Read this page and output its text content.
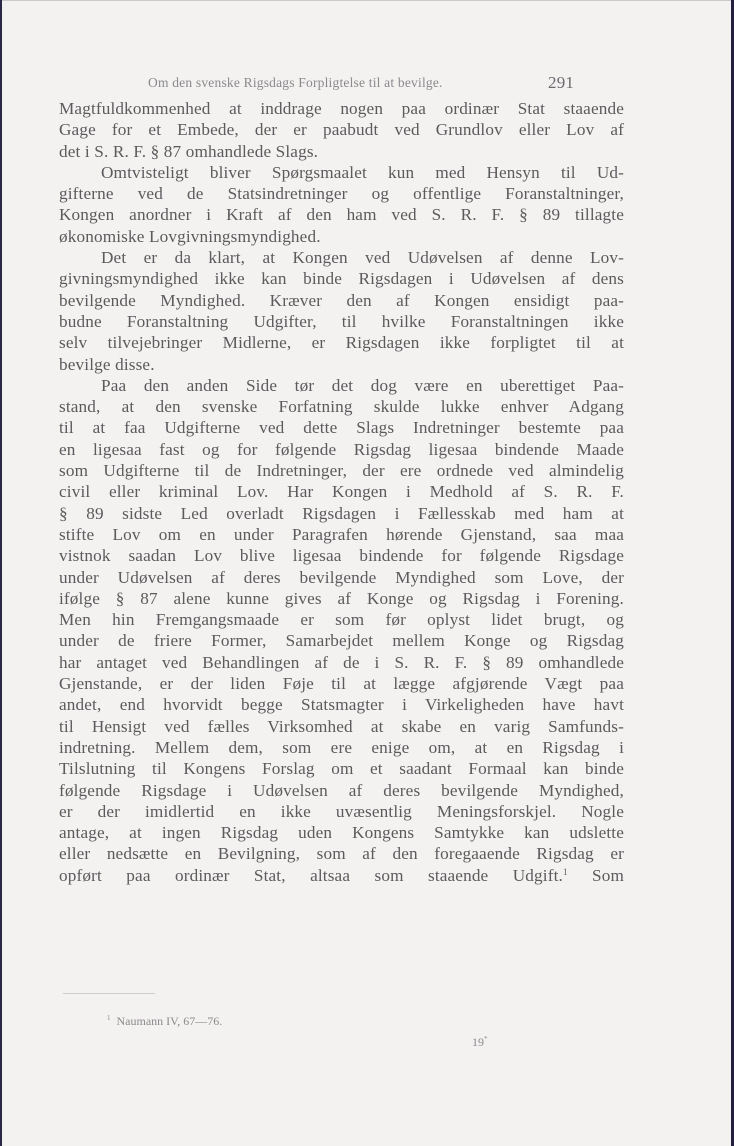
Om den svenske Rigsdags Forpligtelse til at bevilge.	291
Magtfuldkommenhed at inddrage nogen paa ordinær Stat staaende
Gage for et Embede, der er paabudt ved Grundlov eller Lov af
det i S. R. F. § 87 omhandlede Slags.
Omtvisteligt bliver Spørgsmaalet kun med Hensyn til Ud-
gifterne ved de Statsindretninger og offentlige Foranstaltninger,
Kongen anordner i Kraft af den ham ved S. R. F. § 89 tillagte
økonomiske Lovgivningsmyndighed.
Det er da klart, at Kongen ved Udøvelsen af denne Lov-
givningsmyndighed ikke kan binde Rigsdagen i Udøvelsen af dens
bevilgende Myndighed. Kræver den af Kongen ensidigt paa-
budne Foranstaltning Udgifter, til hvilke Foranstaltningen ikke
selv tilvejebringer Midlerne, er Rigsdagen ikke forpligtet til at
bevilge disse.
Paa den anden Side tør det dog være en uberettiget Paa-
stand, at den svenske Forfatning skulde lukke enhver Adgang
til at faa Udgifterne ved dette Slags Indretninger bestemte paa
en ligesaa fast og for følgende Rigsdag ligesaa bindende Maade
som Udgifterne til de Indretninger, der ere ordnede ved almindelig
civil eller kriminal Lov. Har Kongen i Medhold af S. R. F.
§ 89 sidste Led overladt Rigsdagen i Fællesskab med ham at
stifte Lov om en under Paragrafen hørende Gjenstand, saa maa
vistnok saadan Lov blive ligesaa bindende for følgende Rigsdage
under Udøvelsen af deres bevilgende Myndighed som Love, der
ifølge § 87 alene kunne gives af Konge og Rigsdag i Forening.
Men hin Fremgangsmaade er som før oplyst lidet brugt, og
under de friere Former, Samarbejdet mellem Konge og Rigsdag
har antaget ved Behandlingen af de i S. R. F. § 89 omhandlede
Gjenstande, er der liden Føje til at lægge afgjørende Vægt paa
andet, end hvorvidt begge Statsmagter i Virkeligheden have havt
til Hensigt ved fælles Virksomhed at skabe en varig Samfunds-
indretning. Mellem dem, som ere enige om, at en Rigsdag i
Tilslutning til Kongens Forslag om et saadant Formaal kan binde
følgende Rigsdage i Udøvelsen af deres bevilgende Myndighed,
er der imidlertid en ikke uvæsentlig Meningsforskjel. Nogle
antage, at ingen Rigsdag uden Kongens Samtykke kan udslette
eller nedsætte en Bevilgning, som af den foregaaende Rigsdag er
opført paa ordinær Stat, altsaa som staaende Udgift.$^1$ Som
$^1$ Naumann IV, 67—76.
19*
